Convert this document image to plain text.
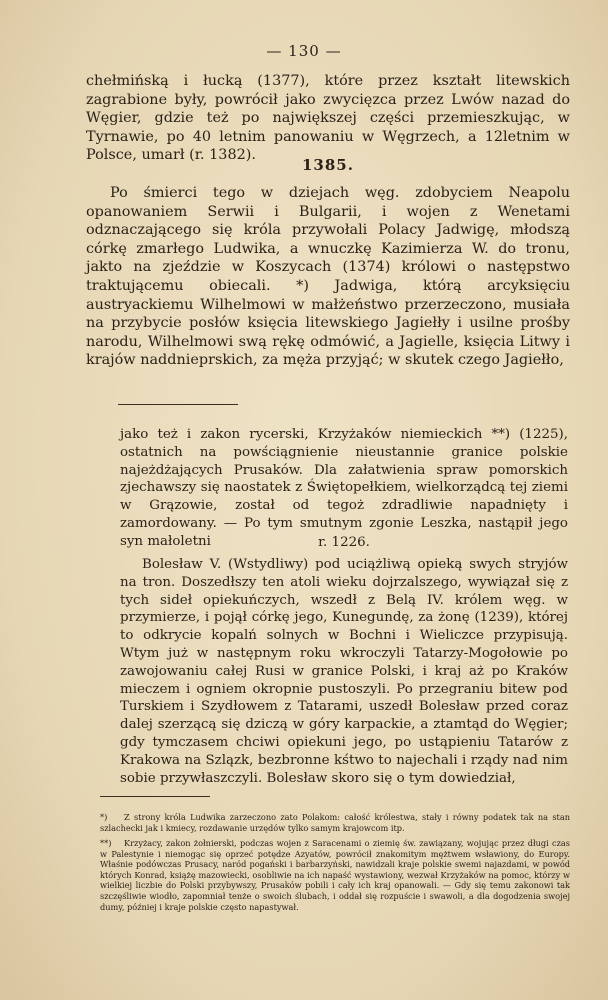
— 130 —

chełmińską i łucką (1377), które przez kształt litewskich zagrabione były, powrócił jako zwycięzca przez Lwów nazad do Węgier, gdzie też po największej części przemieszkując, w Tyrnawie, po 40 letnim panowaniu w Węgrzech, a 12letnim w Polsce, umarł (r. 1382).

1385.

Po śmierci tego w dziejach węg. zdobyciem Neapolu opanowaniem Serwii i Bulgarii, i wojen z Wenetami odznaczającego się króla przywołali Polacy Jadwigę, młodszą córkę zmarłego Ludwika, a wnuczkę Kazimierza W. do tronu, jakto na zjeździe w Koszycach (1374) królowi o następstwo traktującemu obiecali. *) Jadwiga, którą arcyksięciu austryackiemu Wilhelmowi w małżeństwo przerzeczono, musiała na przybycie posłów księcia litewskiego Jagiełły i usilne prośby narodu, Wilhelmowi swą rękę odmówić, a Jagielle, księcia Litwy i krajów naddnieprskich, za męża przyjąć; w skutek czego Jagiełło,

jako też i zakon rycerski, Krzyżaków niemieckich **) (1225), ostatnich na powściągnienie nieustannie granice polskie najeżdżających Prusaków. Dla załatwienia spraw pomorskich zjechawszy się naostatek z Świętopełkiem, wielkorządcą tej ziemi w Grązowie, został od tegoż zdradliwie napadnięty i zamordowany. — Po tym smutnym zgonie Leszka, nastąpił jego syn małoletni	r. 1226.

Bolesław V. (Wstydliwy) pod uciążliwą opieką swych stryjów na tron. Doszedłszy ten atoli wieku dojrzalszego, wywiązał się z tych sideł opiekuńczych, wszedł z Belą IV. królem węg. w przymierze, i pojął córkę jego, Kunegundę, za żonę (1239), której to odkrycie kopalń solnych w Bochni i Wieliczce przypisują. Wtym już w następnym roku wkroczyli Tatarzy-Mogołowie po zawojowaniu całej Rusi w granice Polski, i kraj aż po Kraków mieczem i ogniem okropnie pustoszyli. Po przegraniu bitew pod Turskiem i Szydłowem z Tatarami, uszedł Bolesław przed coraz dalej szerzącą się dziczą w góry karpackie, a ztamtąd do Węgier; gdy tymczasem chciwi opiekuni jego, po ustąpieniu Tatarów z Krakowa na Szlązk, bezbronne kśtwo to najechali i rządy nad nim sobie przywłaszczyli. Bolesław skoro się o tym dowiedział,

*) Z strony króla Ludwika zarzeczono zato Polakom: całość królestwa, stały i równy podatek tak na stan szlachecki jak i kmiecy, rozdawanie urzędów tylko samym krajowcom itp.
**) Krzyżacy, zakon żołnierski, podczas wojen z Saracenami o ziemię św. zawiązany, wojując przez długi czas w Palestynie i niemogąc się oprzeć potędze Azyatów, powrócił znakomitym mężtwem wsławiony, do Europy. Właśnie podówczas Prusacy, naród pogański i barbarzyński, nawidzali kraje polskie swemi najazdami, w powód których Konrad, książę mazowiecki, osobliwie na ich napaść wystawiony, wezwał Krzyżaków na pomoc, którzy w wielkiej liczbie do Polski przybywszy, Prusaków pobili i cały ich kraj opanowali. — Gdy się temu zakonowi tak szczęśliwie wiodło, zapomniał tenże o swoich ślubach, i oddał się rozpuście i swawoli, a dla dogodzenia swojej dumy, później i kraje polskie często napastywał.
